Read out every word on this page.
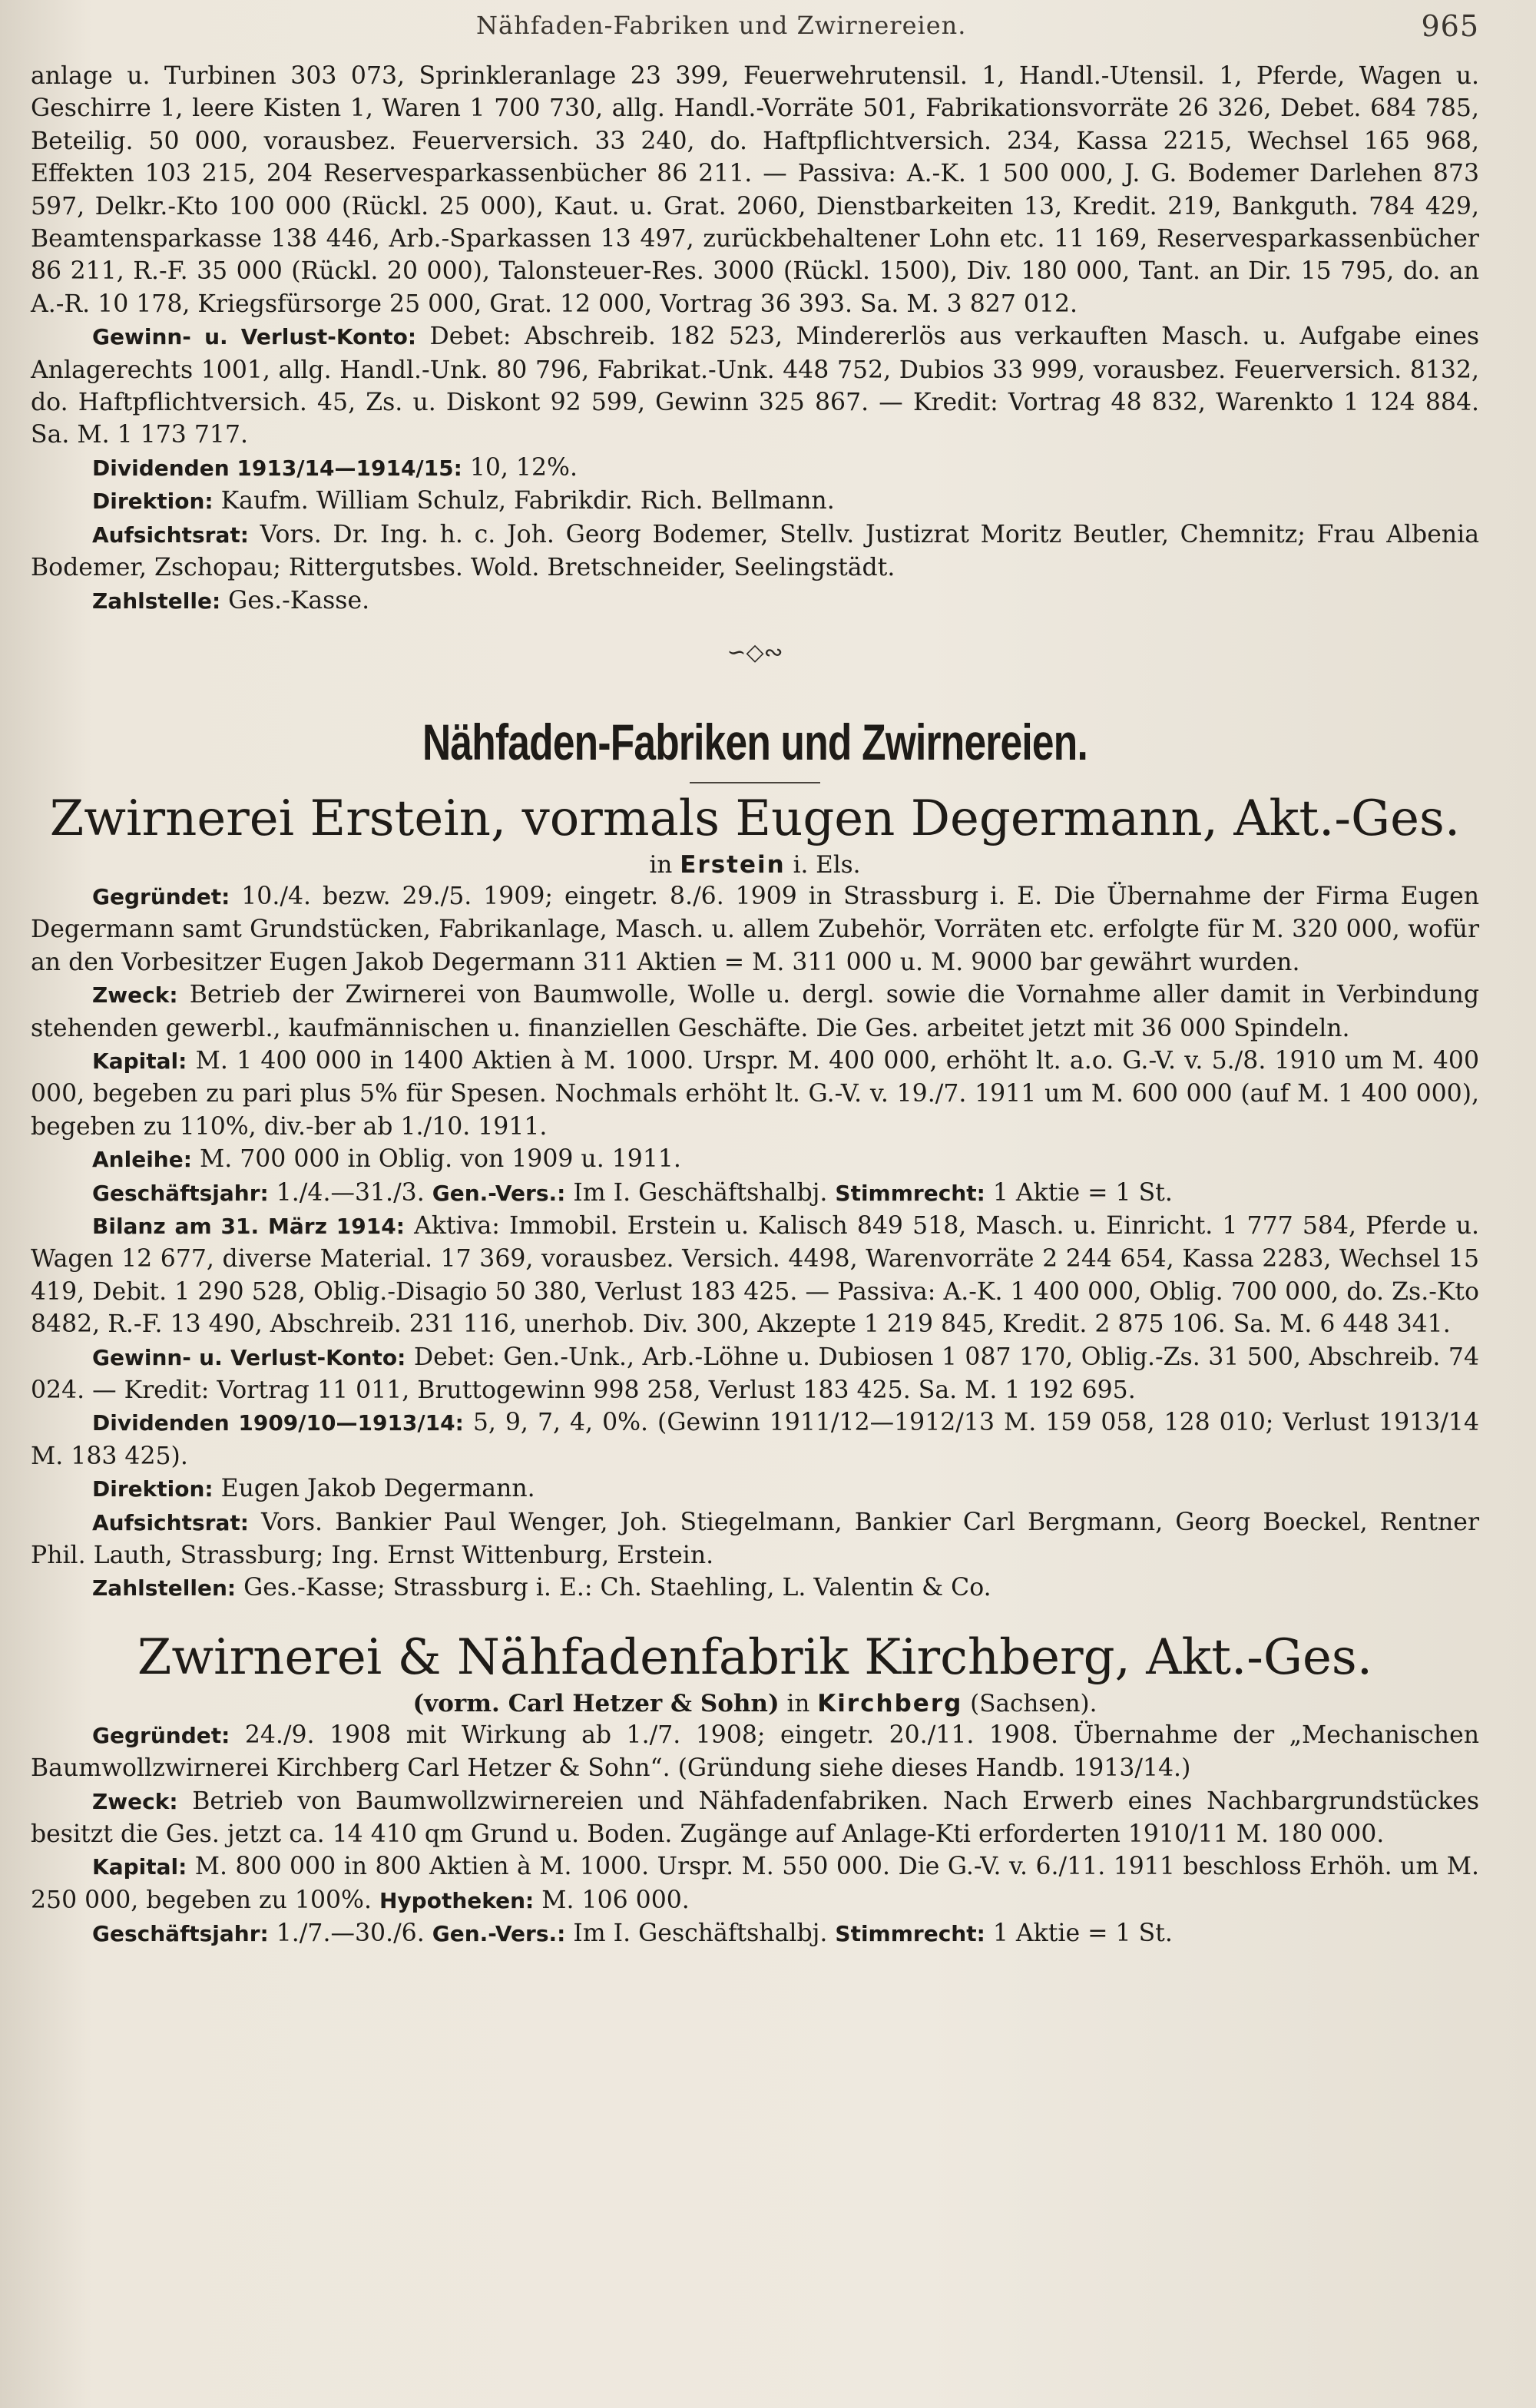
Nähfaden-Fabriken und Zwirnereien.	965

anlage u. Turbinen 303 073, Sprinkleranlage 23 399, Feuerwehrutensil. 1, Handl.-Utensil. 1, Pferde, Wagen u. Geschirre 1, leere Kisten 1, Waren 1 700 730, allg. Handl.-Vorräte 501, Fabrikationsvorräte 26 326, Debet. 684 785, Beteilig. 50 000, vorausbez. Feuerversich. 33 240, do. Haftpflichtversich. 234, Kassa 2215, Wechsel 165 968, Effekten 103 215, 204 Reservesparkassenbücher 86 211. — Passiva: A.-K. 1 500 000, J. G. Bodemer Darlehen 873 597, Delkr.-Kto 100 000 (Rückl. 25 000), Kaut. u. Grat. 2060, Dienstbarkeiten 13, Kredit. 219, Bankguth. 784 429, Beamtensparkasse 138 446, Arb.-Sparkassen 13 497, zurückbehaltener Lohn etc. 11 169, Reservesparkassenbücher 86 211, R.-F. 35 000 (Rückl. 20 000), Talonsteuer-Res. 3000 (Rückl. 1500), Div. 180 000, Tant. an Dir. 15 795, do. an A.-R. 10 178, Kriegsfürsorge 25 000, Grat. 12 000, Vortrag 36 393. Sa. M. 3 827 012.

Gewinn- u. Verlust-Konto: Debet: Abschreib. 182 523, Mindererlös aus verkauften Masch. u. Aufgabe eines Anlagerechts 1001, allg. Handl.-Unk. 80 796, Fabrikat.-Unk. 448 752, Dubios 33 999, vorausbez. Feuerversich. 8132, do. Haftpflichtversich. 45, Zs. u. Diskont 92 599, Gewinn 325 867. — Kredit: Vortrag 48 832, Warenkto 1 124 884. Sa. M. 1 173 717.

Dividenden 1913/14—1914/15: 10, 12%.

Direktion: Kaufm. William Schulz, Fabrikdir. Rich. Bellmann.

Aufsichtsrat: Vors. Dr. Ing. h. c. Joh. Georg Bodemer, Stellv. Justizrat Moritz Beutler, Chemnitz; Frau Albenia Bodemer, Zschopau; Rittergutsbes. Wold. Bretschneider, Seelingstädt.

Zahlstelle: Ges.-Kasse.

∽◇∾
Nähfaden-Fabriken und Zwirnereien.
Zwirnerei Erstein, vormals Eugen Degermann, Akt.-Ges.
in Erstein i. Els.

Gegründet: 10./4. bezw. 29./5. 1909; eingetr. 8./6. 1909 in Strassburg i. E. Die Übernahme der Firma Eugen Degermann samt Grundstücken, Fabrikanlage, Masch. u. allem Zubehör, Vorräten etc. erfolgte für M. 320 000, wofür an den Vorbesitzer Eugen Jakob Degermann 311 Aktien = M. 311 000 u. M. 9000 bar gewährt wurden.

Zweck: Betrieb der Zwirnerei von Baumwolle, Wolle u. dergl. sowie die Vornahme aller damit in Verbindung stehenden gewerbl., kaufmännischen u. finanziellen Geschäfte. Die Ges. arbeitet jetzt mit 36 000 Spindeln.

Kapital: M. 1 400 000 in 1400 Aktien à M. 1000. Urspr. M. 400 000, erhöht lt. a.o. G.-V. v. 5./8. 1910 um M. 400 000, begeben zu pari plus 5% für Spesen. Nochmals erhöht lt. G.-V. v. 19./7. 1911 um M. 600 000 (auf M. 1 400 000), begeben zu 110%, div.-ber ab 1./10. 1911.

Anleihe: M. 700 000 in Oblig. von 1909 u. 1911.

Geschäftsjahr: 1./4.—31./3. Gen.-Vers.: Im I. Geschäftshalbj. Stimmrecht: 1 Aktie = 1 St.

Bilanz am 31. März 1914: Aktiva: Immobil. Erstein u. Kalisch 849 518, Masch. u. Einricht. 1 777 584, Pferde u. Wagen 12 677, diverse Material. 17 369, vorausbez. Versich. 4498, Warenvorräte 2 244 654, Kassa 2283, Wechsel 15 419, Debit. 1 290 528, Oblig.-Disagio 50 380, Verlust 183 425. — Passiva: A.-K. 1 400 000, Oblig. 700 000, do. Zs.-Kto 8482, R.-F. 13 490, Abschreib. 231 116, unerhob. Div. 300, Akzepte 1 219 845, Kredit. 2 875 106. Sa. M. 6 448 341.

Gewinn- u. Verlust-Konto: Debet: Gen.-Unk., Arb.-Löhne u. Dubiosen 1 087 170, Oblig.-Zs. 31 500, Abschreib. 74 024. — Kredit: Vortrag 11 011, Bruttogewinn 998 258, Verlust 183 425. Sa. M. 1 192 695.

Dividenden 1909/10—1913/14: 5, 9, 7, 4, 0%. (Gewinn 1911/12—1912/13 M. 159 058, 128 010; Verlust 1913/14 M. 183 425).

Direktion: Eugen Jakob Degermann.

Aufsichtsrat: Vors. Bankier Paul Wenger, Joh. Stiegelmann, Bankier Carl Bergmann, Georg Boeckel, Rentner Phil. Lauth, Strassburg; Ing. Ernst Wittenburg, Erstein.

Zahlstellen: Ges.-Kasse; Strassburg i. E.: Ch. Staehling, L. Valentin & Co.

Zwirnerei & Nähfadenfabrik Kirchberg, Akt.-Ges.
(vorm. Carl Hetzer & Sohn) in Kirchberg (Sachsen).

Gegründet: 24./9. 1908 mit Wirkung ab 1./7. 1908; eingetr. 20./11. 1908. Übernahme der „Mechanischen Baumwollzwirnerei Kirchberg Carl Hetzer & Sohn“. (Gründung siehe dieses Handb. 1913/14.)

Zweck: Betrieb von Baumwollzwirnereien und Nähfadenfabriken. Nach Erwerb eines Nachbargrundstückes besitzt die Ges. jetzt ca. 14 410 qm Grund u. Boden. Zugänge auf Anlage-Kti erforderten 1910/11 M. 180 000.

Kapital: M. 800 000 in 800 Aktien à M. 1000. Urspr. M. 550 000. Die G.-V. v. 6./11. 1911 beschloss Erhöh. um M. 250 000, begeben zu 100%. Hypotheken: M. 106 000.

Geschäftsjahr: 1./7.—30./6. Gen.-Vers.: Im I. Geschäftshalbj. Stimmrecht: 1 Aktie = 1 St.
